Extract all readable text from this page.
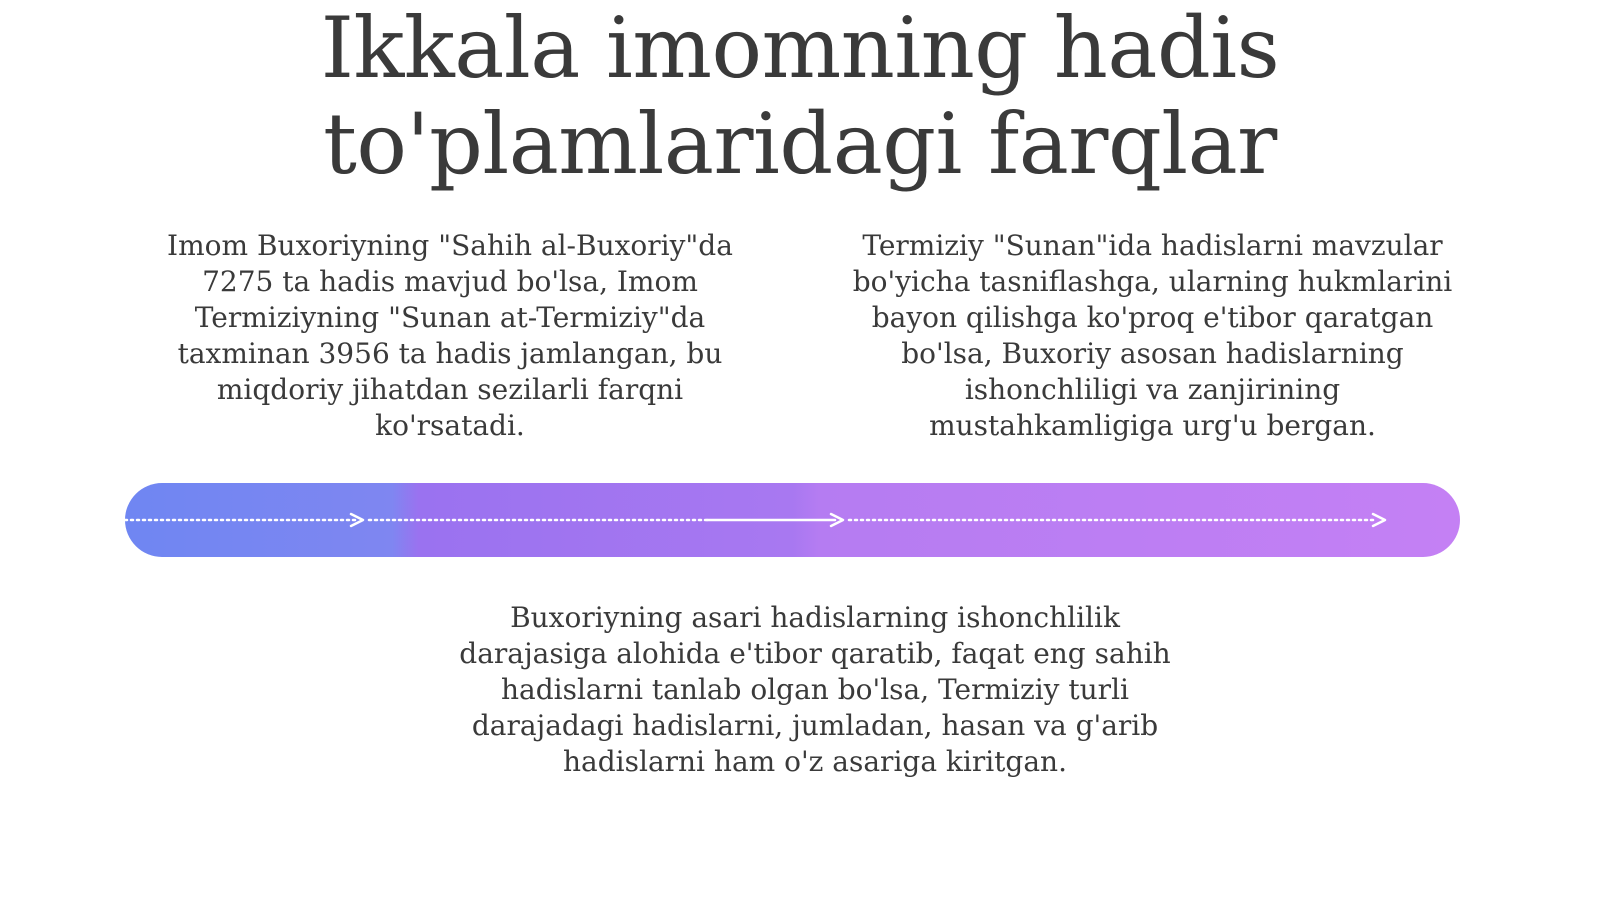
Ikkala imomning hadis
to'plamlaridagi farqlar

Imom Buxoriyning "Sahih al-Buxoriy"da 7275 ta hadis mavjud bo'lsa, Imom Termiziyning "Sunan at-Termiziy"da taxminan 3956 ta hadis jamlangan, bu miqdoriy jihatdan sezilarli farqni ko'rsatadi.

Termiziy "Sunan"ida hadislarni mavzular bo'yicha tasniflashga, ularning hukmlarini bayon qilishga ko'proq e'tibor qaratgan bo'lsa, Buxoriy asosan hadislarning ishonchliligi va zanjirining mustahkamligiga urg'u bergan.

Buxoriyning asari hadislarning ishonchlilik darajasiga alohida e'tibor qaratib, faqat eng sahih hadislarni tanlab olgan bo'lsa, Termiziy turli darajadagi hadislarni, jumladan, hasan va g'arib hadislarni ham o'z asariga kiritgan.
